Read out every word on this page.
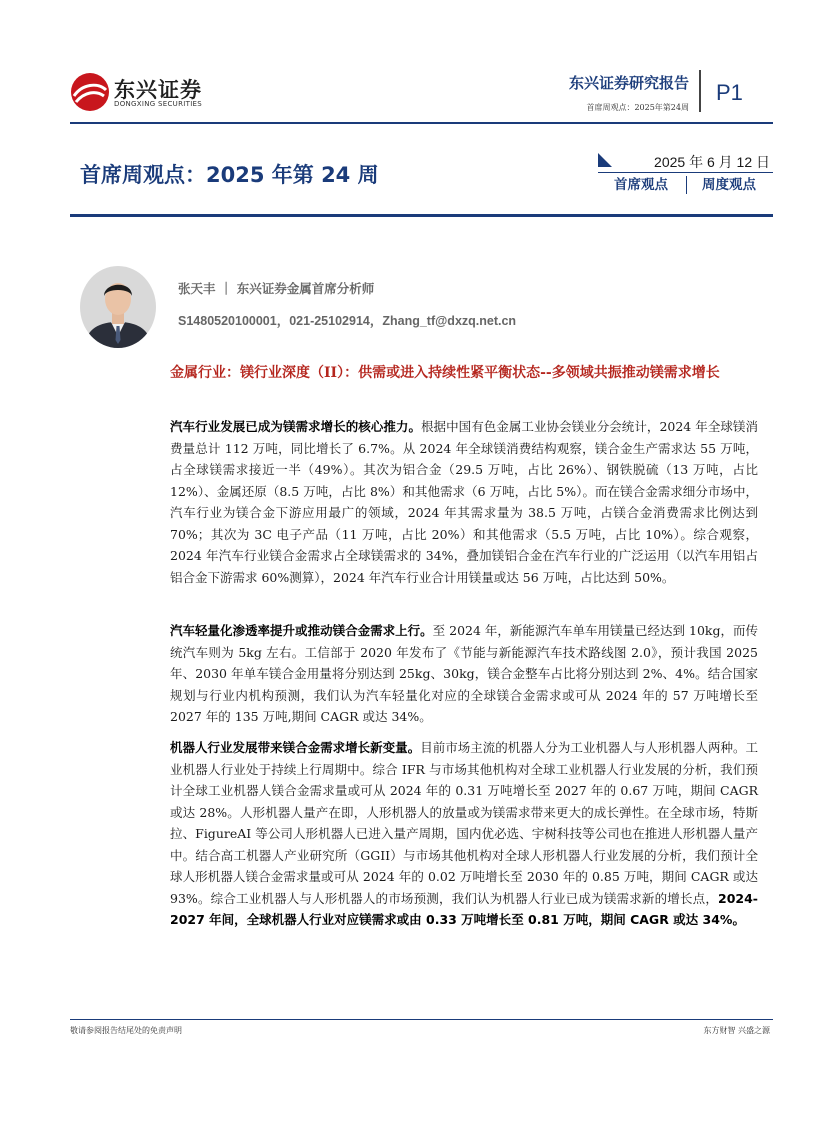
东兴证券
DONGXING SECURITIES
东兴证券研究报告
首席周观点：2025年第24周
P1
首席周观点：2025 年第 24 周
2025 年 6 月 12 日
首席观点	周度观点
张天丰 ｜ 东兴证券金属首席分析师
S1480520100001，021-25102914，Zhang_tf@dxzq.net.cn
金属行业：镁行业深度（II）：供需或进入持续性紧平衡状态--多领域共振推动镁需求增长
汽车行业发展已成为镁需求增长的核心推力。根据中国有色金属工业协会镁业分会统计，2024 年全球镁消费量总计 112 万吨，同比增长了 6.7%。从 2024 年全球镁消费结构观察，镁合金生产需求达 55 万吨，占全球镁需求接近一半（49%）。其次为铝合金（29.5 万吨，占比 26%）、钢铁脱硫（13 万吨，占比 12%）、金属还原（8.5 万吨，占比 8%）和其他需求（6 万吨，占比 5%）。而在镁合金需求细分市场中，汽车行业为镁合金下游应用最广的领域，2024 年其需求量为 38.5 万吨，占镁合金消费需求比例达到 70%；其次为 3C 电子产品（11 万吨，占比 20%）和其他需求（5.5 万吨，占比 10%）。综合观察，2024 年汽车行业镁合金需求占全球镁需求的 34%，叠加镁铝合金在汽车行业的广泛运用（以汽车用铝占铝合金下游需求 60%测算），2024 年汽车行业合计用镁量或达 56 万吨，占比达到 50%。
汽车轻量化渗透率提升或推动镁合金需求上行。至 2024 年，新能源汽车单车用镁量已经达到 10kg，而传统汽车则为 5kg 左右。工信部于 2020 年发布了《节能与新能源汽车技术路线图 2.0》，预计我国 2025 年、2030 年单车镁合金用量将分别达到 25kg、30kg，镁合金整车占比将分别达到 2%、4%。结合国家规划与行业内机构预测，我们认为汽车轻量化对应的全球镁合金需求或可从 2024 年的 57 万吨增长至 2027 年的 135 万吨,期间 CAGR 或达 34%。
机器人行业发展带来镁合金需求增长新变量。目前市场主流的机器人分为工业机器人与人形机器人两种。工业机器人行业处于持续上行周期中。综合 IFR 与市场其他机构对全球工业机器人行业发展的分析，我们预计全球工业机器人镁合金需求量或可从 2024 年的 0.31 万吨增长至 2027 年的 0.67 万吨，期间 CAGR 或达 28%。人形机器人量产在即，人形机器人的放量或为镁需求带来更大的成长弹性。在全球市场，特斯拉、FigureAI 等公司人形机器人已进入量产周期，国内优必选、宇树科技等公司也在推进人形机器人量产中。结合高工机器人产业研究所（GGII）与市场其他机构对全球人形机器人行业发展的分析，我们预计全球人形机器人镁合金需求量或可从 2024 年的 0.02 万吨增长至 2030 年的 0.85 万吨，期间 CAGR 或达 93%。综合工业机器人与人形机器人的市场预测，我们认为机器人行业已成为镁需求新的增长点，2024-2027 年间，全球机器人行业对应镁需求或由 0.33 万吨增长至 0.81 万吨，期间 CAGR 或达 34%。
敬请参阅报告结尾处的免责声明	东方财智 兴盛之源
